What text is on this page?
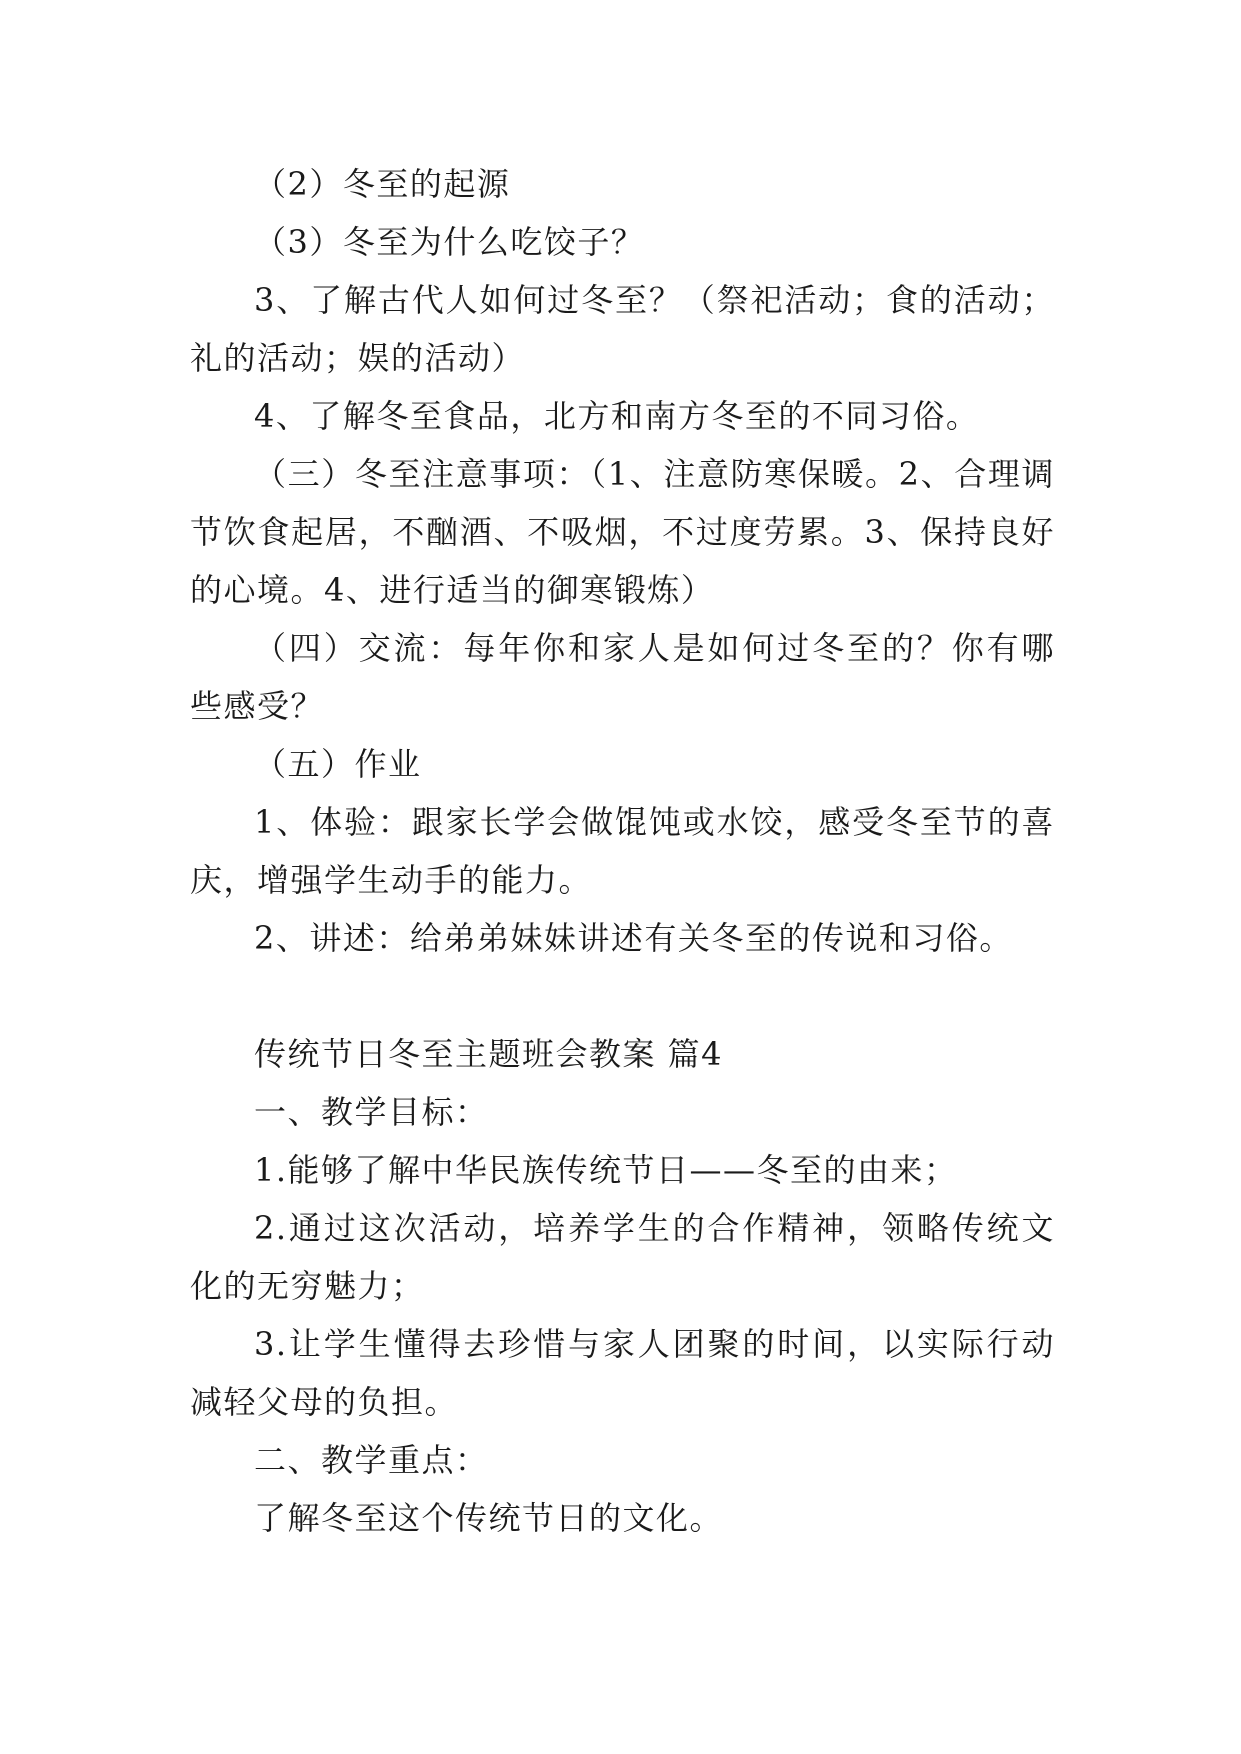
（2）冬至的起源

（3）冬至为什么吃饺子？

3、了解古代人如何过冬至？（祭祀活动；食的活动；礼的活动；娱的活动）

4、了解冬至食品，北方和南方冬至的不同习俗。

（三）冬至注意事项：（1、注意防寒保暖。2、合理调节饮食起居，不酗酒、不吸烟，不过度劳累。3、保持良好的心境。4、进行适当的御寒锻炼）

（四）交流：每年你和家人是如何过冬至的？你有哪些感受？

（五）作业

1、体验：跟家长学会做馄饨或水饺，感受冬至节的喜庆，增强学生动手的能力。

2、讲述：给弟弟妹妹讲述有关冬至的传说和习俗。

传统节日冬至主题班会教案 篇4

一、教学目标：

1.能够了解中华民族传统节日——冬至的由来；

2.通过这次活动，培养学生的合作精神，领略传统文化的无穷魅力；

3.让学生懂得去珍惜与家人团聚的时间，以实际行动减轻父母的负担。

二、教学重点：

了解冬至这个传统节日的文化。
